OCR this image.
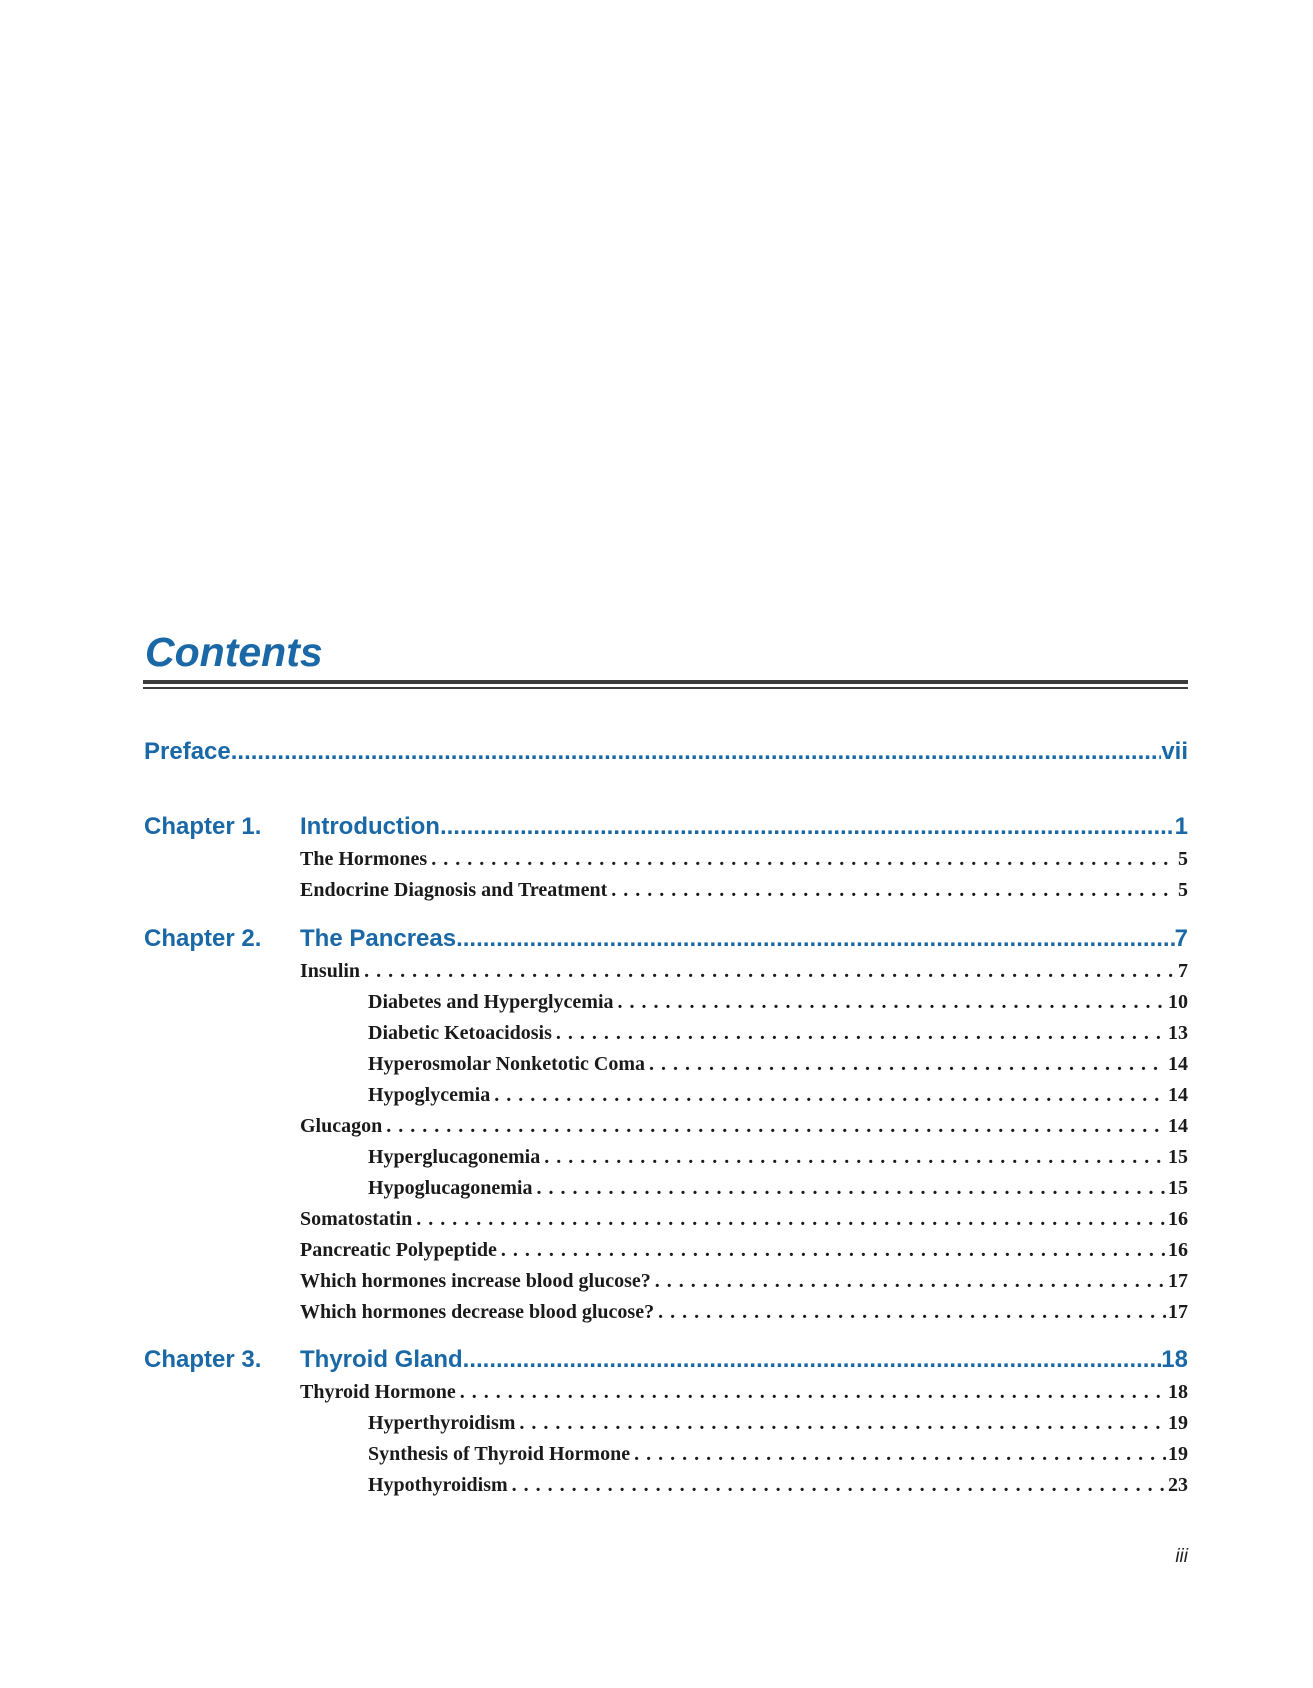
Contents
Preface .....	vii
Chapter 1. Introduction .....	1
The Hormones . . .	5
Endocrine Diagnosis and Treatment . . .	5
Chapter 2. The Pancreas .....	7
Insulin . . .	7
Diabetes and Hyperglycemia . . .	10
Diabetic Ketoacidosis . . .	13
Hyperosmolar Nonketotic Coma . . .	14
Hypoglycemia . . .	14
Glucagon . . .	14
Hyperglucagonemia . . .	15
Hypoglucagonemia . . .	15
Somatostatin . . .	16
Pancreatic Polypeptide . . .	16
Which hormones increase blood glucose? . . .	17
Which hormones decrease blood glucose? . . .	17
Chapter 3. Thyroid Gland .....	18
Thyroid Hormone . . .	18
Hyperthyroidism . . .	19
Synthesis of Thyroid Hormone . . .	19
Hypothyroidism . . .	23
iii
